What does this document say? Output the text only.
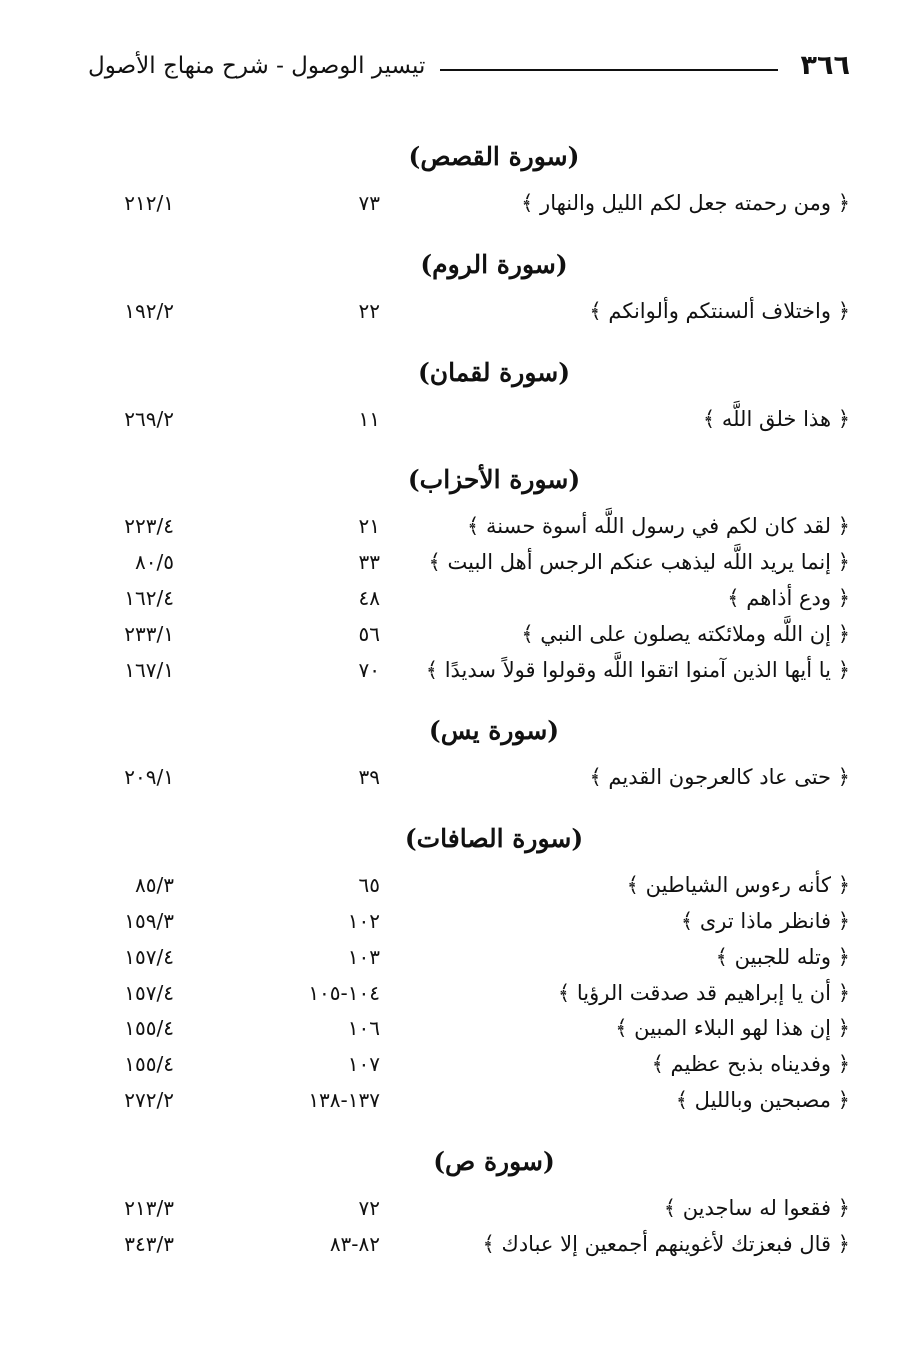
٣٦٦
تيسير الوصول - شرح منهاج الأصول
(سورة القصص)
﴿ ومن رحمته جعل لكم الليل والنهار ﴾
٧٣
٢١٢/١
(سورة الروم)
﴿ واختلاف ألسنتكم وألوانكم ﴾
٢٢
١٩٢/٢
(سورة لقمان)
﴿ هذا خلق اللَّه ﴾
١١
٢٦٩/٢
(سورة الأحزاب)
﴿ لقد كان لكم في رسول اللَّه أسوة حسنة ﴾
٢١
٢٢٣/٤
﴿ إنما يريد اللَّه ليذهب عنكم الرجس أهل البيت ﴾
٣٣
٨٠/٥
﴿ ودع أذاهم ﴾
٤٨
١٦٢/٤
﴿ إن اللَّه وملائكته يصلون على النبي ﴾
٥٦
٢٣٣/١
﴿ يا أيها الذين آمنوا اتقوا اللَّه وقولوا قولاً سديدًا ﴾
٧٠
١٦٧/١
(سورة يس)
﴿ حتى عاد كالعرجون القديم ﴾
٣٩
٢٠٩/١
(سورة الصافات)
﴿ كأنه رءوس الشياطين ﴾
٦٥
٨٥/٣
﴿ فانظر ماذا ترى ﴾
١٠٢
١٥٩/٣
﴿ وتله للجبين ﴾
١٠٣
١٥٧/٤
﴿ أن يا إبراهيم قد صدقت الرؤيا ﴾
١٠٤-١٠٥
١٥٧/٤
﴿ إن هذا لهو البلاء المبين ﴾
١٠٦
١٥٥/٤
﴿ وفديناه بذبح عظيم ﴾
١٠٧
١٥٥/٤
﴿ مصبحين وبالليل ﴾
١٣٧-١٣٨
٢٧٢/٢
(سورة ص)
﴿ فقعوا له ساجدين ﴾
٧٢
٢١٣/٣
﴿ قال فبعزتك لأغوينهم أجمعين إلا عبادك ﴾
٨٢-٨٣
٣٤٣/٣
